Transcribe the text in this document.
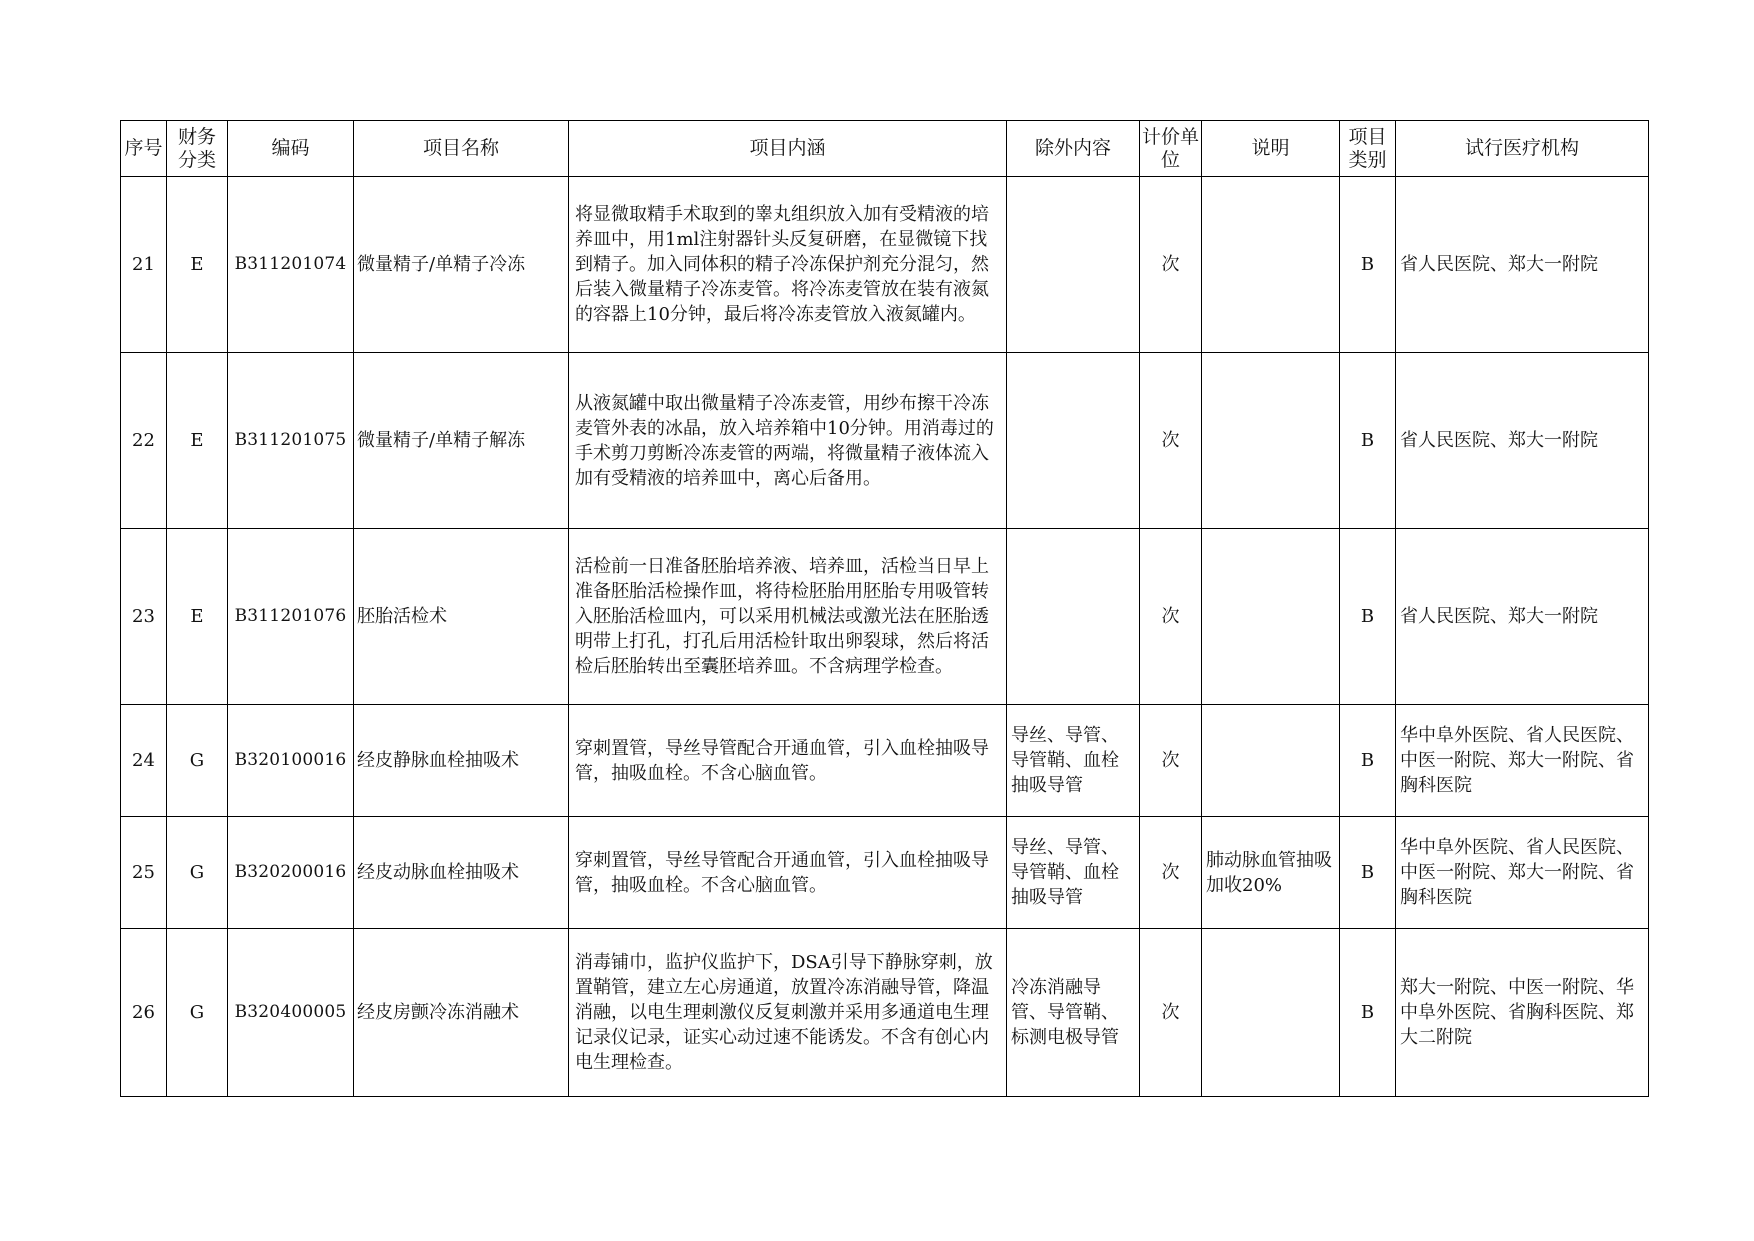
序号	财务分类	编码	项目名称	项目内涵	除外内容	计价单位	说明	项目类别	试行医疗机构
21	E	B311201074	微量精子/单精子冷冻	将显微取精手术取到的睾丸组织放入加有受精液的培养皿中，用1ml注射器针头反复研磨，在显微镜下找到精子。加入同体积的精子冷冻保护剂充分混匀，然后装入微量精子冷冻麦管。将冷冻麦管放在装有液氮的容器上10分钟，最后将冷冻麦管放入液氮罐内。		次		B	省人民医院、郑大一附院
22	E	B311201075	微量精子/单精子解冻	从液氮罐中取出微量精子冷冻麦管，用纱布擦干冷冻麦管外表的冰晶，放入培养箱中10分钟。用消毒过的手术剪刀剪断冷冻麦管的两端，将微量精子液体流入加有受精液的培养皿中，离心后备用。		次		B	省人民医院、郑大一附院
23	E	B311201076	胚胎活检术	活检前一日准备胚胎培养液、培养皿，活检当日早上准备胚胎活检操作皿，将待检胚胎用胚胎专用吸管转入胚胎活检皿内，可以采用机械法或激光法在胚胎透明带上打孔，打孔后用活检针取出卵裂球，然后将活检后胚胎转出至囊胚培养皿。不含病理学检查。		次		B	省人民医院、郑大一附院
24	G	B320100016	经皮静脉血栓抽吸术	穿刺置管，导丝导管配合开通血管，引入血栓抽吸导管，抽吸血栓。不含心脑血管。	导丝、导管、导管鞘、血栓抽吸导管	次		B	华中阜外医院、省人民医院、中医一附院、郑大一附院、省胸科医院
25	G	B320200016	经皮动脉血栓抽吸术	穿刺置管，导丝导管配合开通血管，引入血栓抽吸导管，抽吸血栓。不含心脑血管。	导丝、导管、导管鞘、血栓抽吸导管	次	肺动脉血管抽吸加收20%	B	华中阜外医院、省人民医院、中医一附院、郑大一附院、省胸科医院
26	G	B320400005	经皮房颤冷冻消融术	消毒铺巾，监护仪监护下，DSA引导下静脉穿刺，放置鞘管，建立左心房通道，放置冷冻消融导管，降温消融，以电生理刺激仪反复刺激并采用多通道电生理记录仪记录，证实心动过速不能诱发。不含有创心内电生理检查。	冷冻消融导管、导管鞘、标测电极导管	次		B	郑大一附院、中医一附院、华中阜外医院、省胸科医院、郑大二附院
